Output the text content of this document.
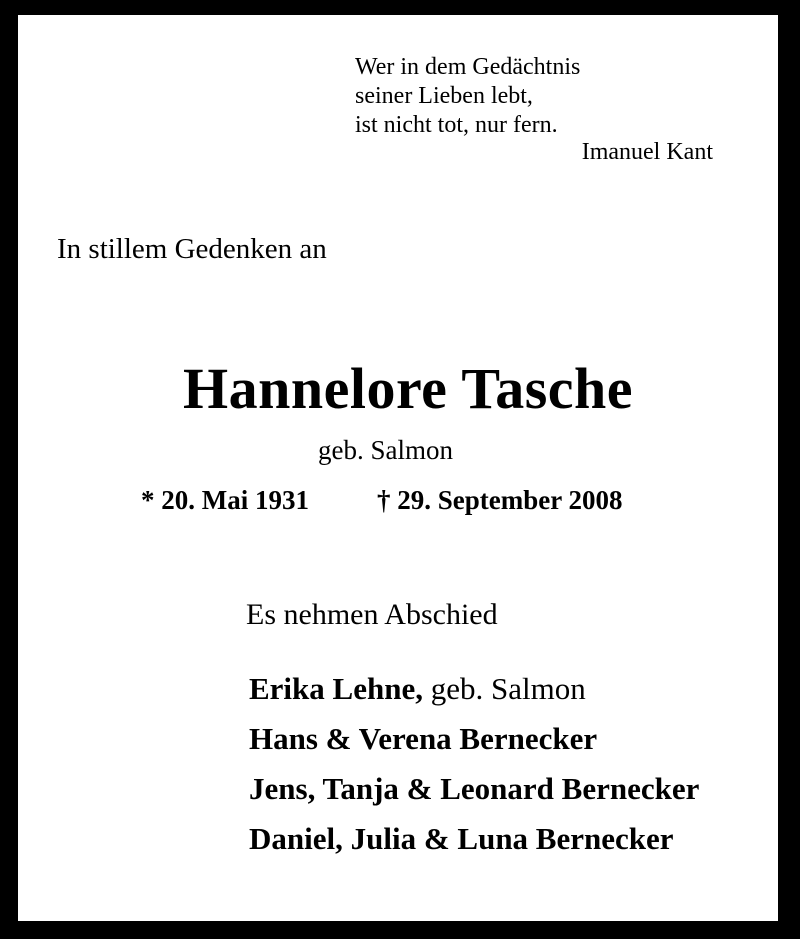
Wer in dem Gedächtnis
seiner Lieben lebt,
ist nicht tot, nur fern.
Imanuel Kant
In stillem Gedenken an
Hannelore Tasche
geb. Salmon
* 20. Mai 1931	† 29. September 2008
Es nehmen Abschied
Erika Lehne, geb. Salmon
Hans & Verena Bernecker
Jens, Tanja & Leonard Bernecker
Daniel, Julia & Luna Bernecker
